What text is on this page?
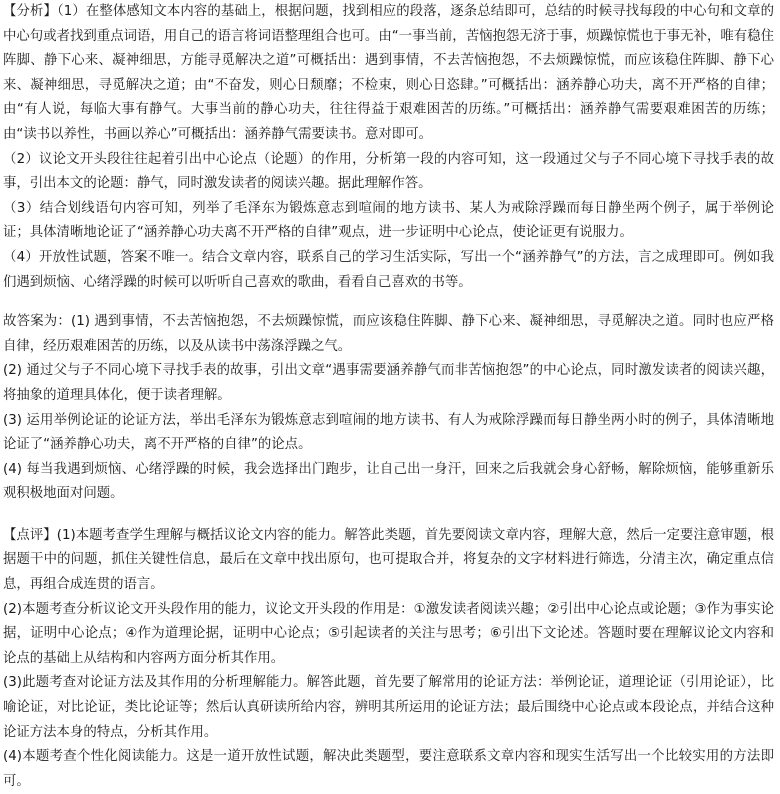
【分析】（1）在整体感知文本内容的基础上，根据问题，找到相应的段落，逐条总结即可，总结的时候寻找每段的中心句和文章的中心句或者找到重点词语，用自己的语言将词语整理组合也可。由“一事当前，苦恼抱怨无济于事，烦躁惊慌也于事无补，唯有稳住阵脚、静下心来、凝神细思，方能寻觅解决之道”可概括出：遇到事情，不去苦恼抱怨，不去烦躁惊慌，而应该稳住阵脚、静下心来、凝神细思，寻觅解决之道；由“不奋发，则心日颓靡；不检束，则心日恣肆。”可概括出：涵养静心功夫，离不开严格的自律；由“有人说，每临大事有静气。大事当前的静心功夫，往往得益于艰难困苦的历练。”可概括出：涵养静气需要艰难困苦的历练；由“读书以养性，书画以养心”可概括出：涵养静气需要读书。意对即可。

（2）议论文开头段往往起着引出中心论点（论题）的作用，分析第一段的内容可知，这一段通过父与子不同心境下寻找手表的故事，引出本文的论题：静气，同时激发读者的阅读兴趣。据此理解作答。

（3）结合划线语句内容可知，列举了毛泽东为锻炼意志到喧闹的地方读书、某人为戒除浮躁而每日静坐两个例子，属于举例论证；具体清晰地论证了“涵养静心功夫离不开严格的自律”观点，进一步证明中心论点，使论证更有说服力。

（4）开放性试题，答案不唯一。结合文章内容，联系自己的学习生活实际，写出一个“涵养静气”的方法，言之成理即可。例如我们遇到烦恼、心绪浮躁的时候可以听听自己喜欢的歌曲，看看自己喜欢的书等。

故答案为：(1) 遇到事情，不去苦恼抱怨，不去烦躁惊慌，而应该稳住阵脚、静下心来、凝神细思，寻觅解决之道。同时也应严格自律，经历艰难困苦的历练，以及从读书中荡涤浮躁之气。

(2) 通过父与子不同心境下寻找手表的故事，引出文章“遇事需要涵养静气而非苦恼抱怨”的中心论点，同时激发读者的阅读兴趣，将抽象的道理具体化，便于读者理解。

(3) 运用举例论证的论证方法，举出毛泽东为锻炼意志到喧闹的地方读书、有人为戒除浮躁而每日静坐两小时的例子，具体清晰地论证了“涵养静心功夫，离不开严格的自律”的论点。

(4) 每当我遇到烦恼、心绪浮躁的时候，我会选择出门跑步，让自己出一身汗，回来之后我就会身心舒畅，解除烦恼，能够重新乐观积极地面对问题。

【点评】(1)本题考查学生理解与概括议论文内容的能力。解答此类题，首先要阅读文章内容，理解大意，然后一定要注意审题，根据题干中的问题，抓住关键性信息，最后在文章中找出原句，也可提取合并，将复杂的文字材料进行筛选，分清主次，确定重点信息，再组合成连贯的语言。

(2)本题考查分析议论文开头段作用的能力，议论文开头段的作用是：①激发读者阅读兴趣；②引出中心论点或论题；③作为事实论据，证明中心论点；④作为道理论据，证明中心论点；⑤引起读者的关注与思考；⑥引出下文论述。答题时要在理解议论文内容和论点的基础上从结构和内容两方面分析其作用。

(3)此题考查对论证方法及其作用的分析理解能力。解答此题，首先要了解常用的论证方法：举例论证，道理论证（引用论证），比喻论证，对比论证，类比论证等；然后认真研读所给内容，辨明其所运用的论证方法；最后围绕中心论点或本段论点，并结合这种论证方法本身的特点，分析其作用。

(4)本题考查个性化阅读能力。这是一道开放性试题，解决此类题型，要注意联系文章内容和现实生活写出一个比较实用的方法即可。
